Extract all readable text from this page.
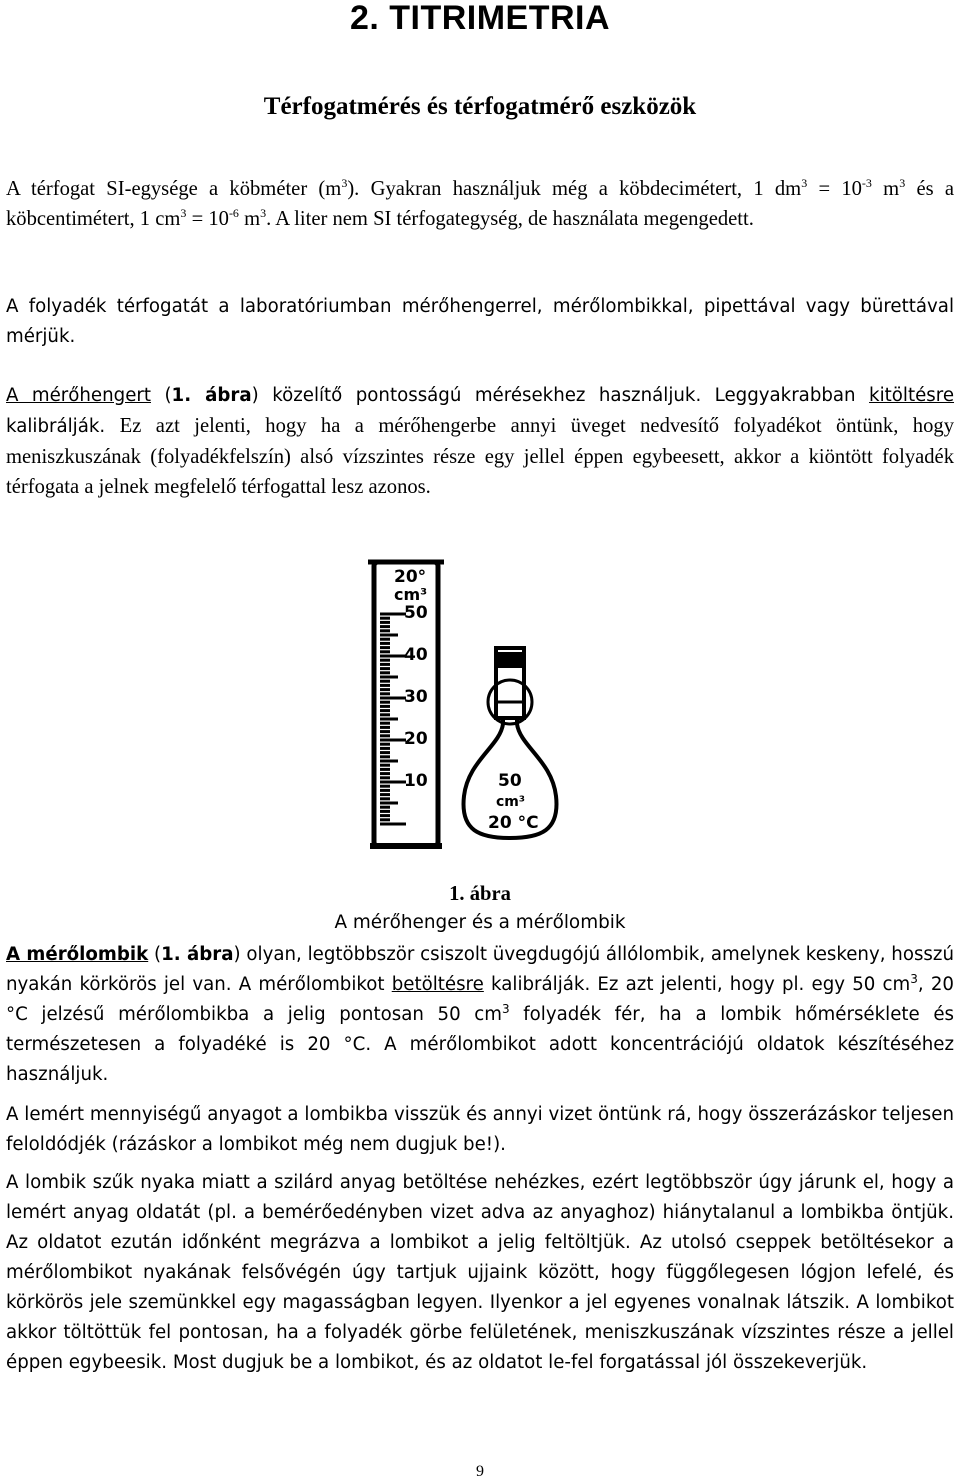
2. TITRIMETRIA
Térfogatmérés és térfogatmérő eszközök

A térfogat SI-egysége a köbméter $(m^3)$. Gyakran használjuk még a köbdecimétert, 1 $dm^3 = 10^{-3}$ $m^3$ és a köbcentimétert, 1 $cm^3 = 10^{-6}$ $m^3$. A liter nem SI térfogategység, de használata megengedett.

A folyadék térfogatát a laboratóriumban mérőhengerrel, mérőlombikkal, pipettával vagy bürettával mérjük.

A mérőhengert (1. ábra) közelítő pontosságú mérésekhez használjuk. Leggyakrabban kitöltésre kalibrálják. Ez azt jelenti, hogy ha a mérőhengerbe annyi üveget nedvesítő folyadékot öntünk, hogy meniszkuszának (folyadékfelszín) alsó vízszintes része egy jellel éppen egybeesett, akkor a kiöntött folyadék térfogata a jelnek megfelelő térfogattal lesz azonos.

20°
cm³
50
40
30
20
10	50
cm³
20 °C
1. ábra
A mérőhenger és a mérőlombik

A mérőlombik (1. ábra) olyan, legtöbbször csiszolt üvegdugójú állólombik, amelynek keskeny, hosszú nyakán körkörös jel van. A mérőlombikot betöltésre kalibrálják. Ez azt jelenti, hogy pl. egy 50 $cm^3$, 20 °C jelzésű mérőlombikba a jelig pontosan 50 $cm^3$ folyadék fér, ha a lombik hőmérséklete és természetesen a folyadéké is 20 °C. A mérőlombikot adott koncentrációjú oldatok készítéséhez használjuk.

A lemért mennyiségű anyagot a lombikba visszük és annyi vizet öntünk rá, hogy összerázáskor teljesen feloldódjék (rázáskor a lombikot még nem dugjuk be!).

A lombik szűk nyaka miatt a szilárd anyag betöltése nehézkes, ezért legtöbbször úgy járunk el, hogy a lemért anyag oldatát (pl. a bemérőedényben vizet adva az anyaghoz) hiánytalanul a lombikba öntjük. Az oldatot ezután időnként megrázva a lombikot a jelig feltöltjük. Az utolsó cseppek betöltésekor a mérőlombikot nyakának felsővégén úgy tartjuk ujjaink között, hogy függőlegesen lógjon lefelé, és körkörös jele szemünkkel egy magasságban legyen. Ilyenkor a jel egyenes vonalnak látszik. A lombikot akkor töltöttük fel pontosan, ha a folyadék görbe felületének, meniszkuszának vízszintes része a jellel éppen egybeesik. Most dugjuk be a lombikot, és az oldatot le-fel forgatással jól összekeverjük.

9
